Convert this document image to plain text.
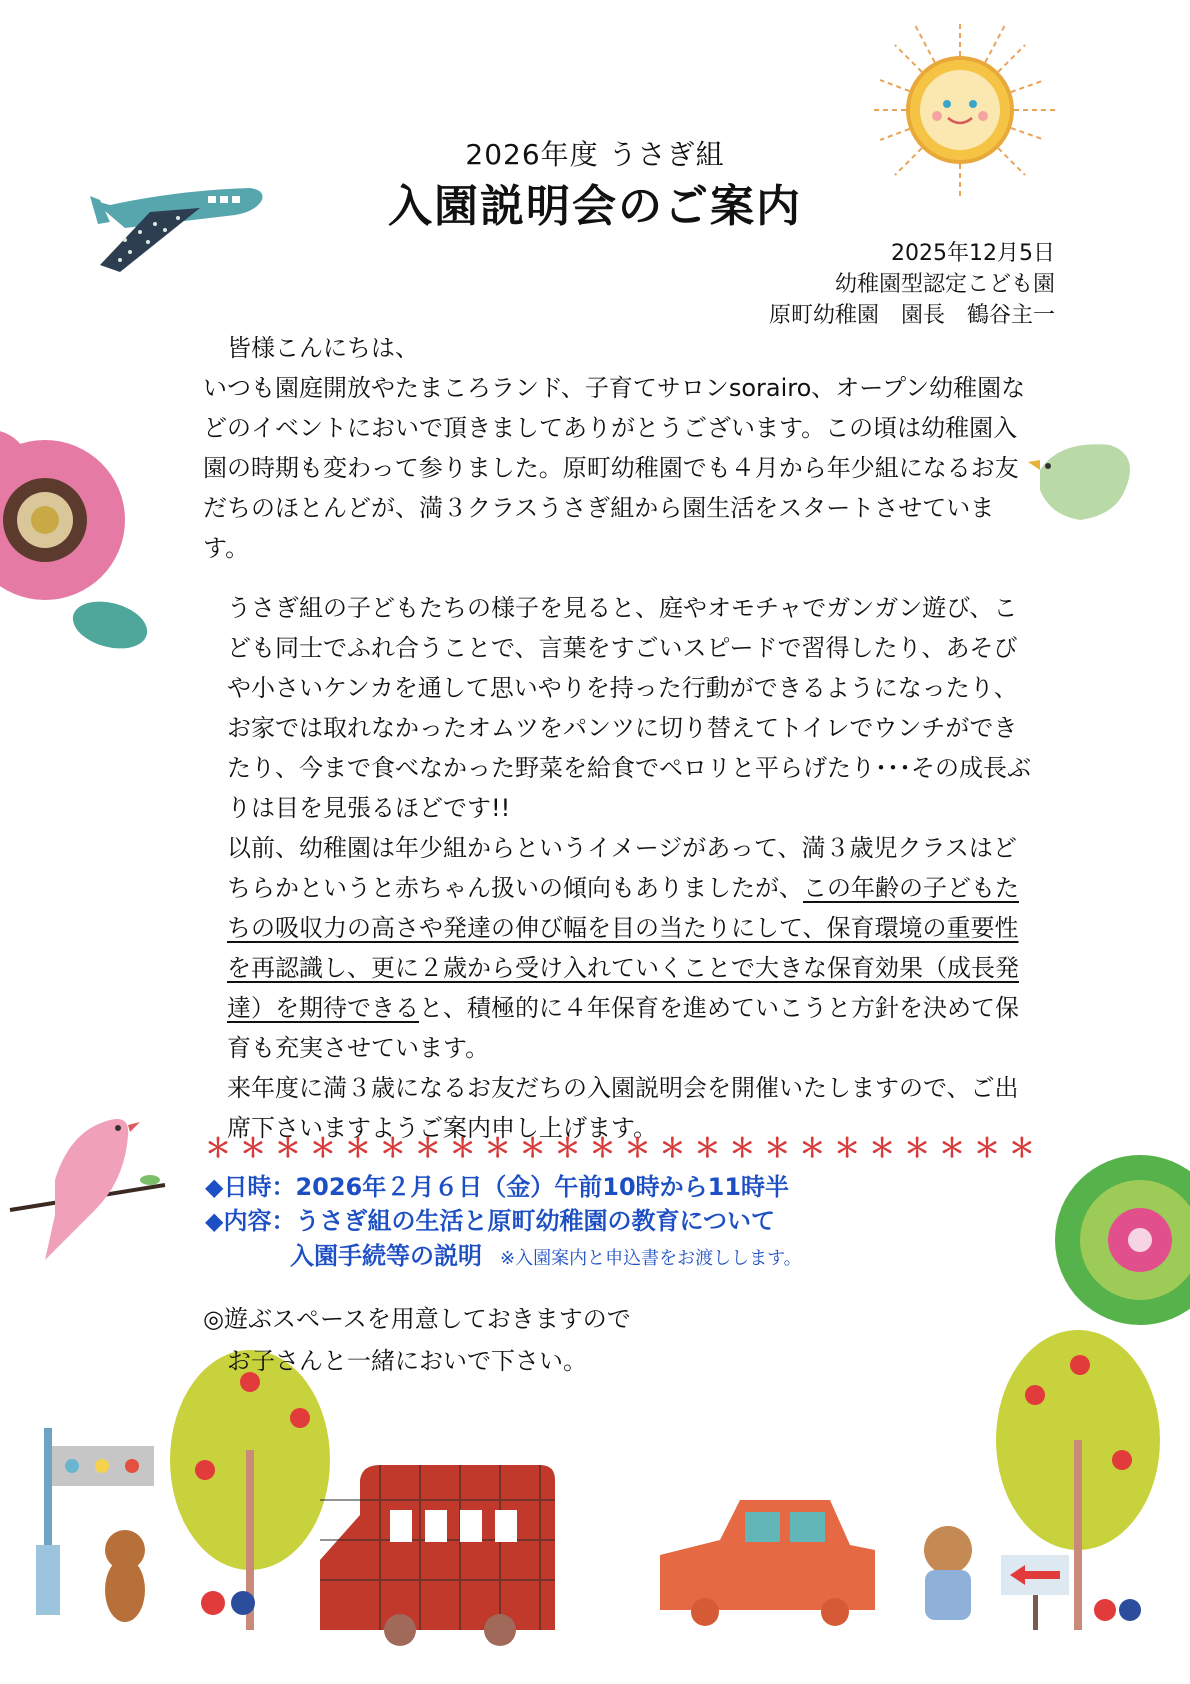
2026年度 うさぎ組
入園説明会のご案内
2025年12月5日
幼稚園型認定こども園
原町幼稚園　園長　鶴谷主一

皆様こんにちは、

いつも園庭開放やたまころランド、子育てサロンsorairo、オープン幼稚園などのイベントにおいで頂きましてありがとうございます。この頃は幼稚園入園の時期も変わって参りました。原町幼稚園でも４月から年少組になるお友だちのほとんどが、満３クラスうさぎ組から園生活をスタートさせています。

うさぎ組の子どもたちの様子を見ると、庭やオモチャでガンガン遊び、こども同士でふれ合うことで、言葉をすごいスピードで習得したり、あそびや小さいケンカを通して思いやりを持った行動ができるようになったり、お家では取れなかったオムツをパンツに切り替えてトイレでウンチができたり、今まで食べなかった野菜を給食でペロリと平らげたり･･･その成長ぶりは目を見張るほどです!!

以前、幼稚園は年少組からというイメージがあって、満３歳児クラスはどちらかというと赤ちゃん扱いの傾向もありましたが、この年齢の子どもたちの吸収力の高さや発達の伸び幅を目の当たりにして、保育環境の重要性を再認識し、更に２歳から受け入れていくことで大きな保育効果（成長発達）を期待できると、積極的に４年保育を進めていこうと方針を決めて保育も充実させています。

来年度に満３歳になるお友だちの入園説明会を開催いたしますので、ご出席下さいますようご案内申し上げます。

＊ ＊ ＊ ＊ ＊ ＊ ＊ ＊ ＊ ＊ ＊ ＊ ＊ ＊ ＊ ＊ ＊ ＊ ＊ ＊ ＊ ＊ ＊ ＊
◆日時：2026年２月６日（金）午前10時から11時半
◆内容：うさぎ組の生活と原町幼稚園の教育について
入園手続等の説明 ※入園案内と申込書をお渡しします。
◎遊ぶスペースを用意しておきますので
お子さんと一緒においで下さい。
